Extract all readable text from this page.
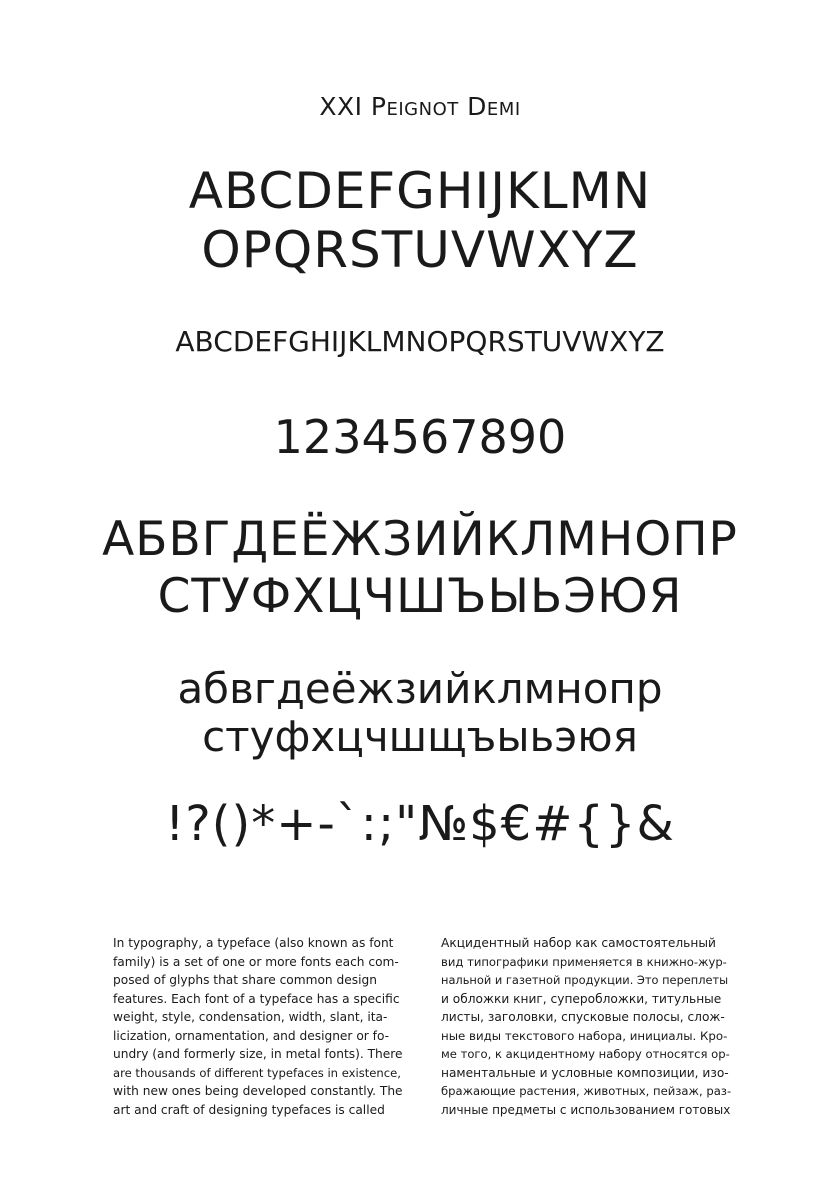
XXI Peignot Demi
ABCDEFGHIJKLMN
OPQRSTUVWXYZ
abcdefghijklmnopqrstuvwxyz
1234567890
АБВГДЕЁЖЗИЙКЛМНОПР
СТУФХЦЧШЪЫЬЭЮЯ
абвгдеёжзийклмнопр
стуфхцчшщъыьэюя
!?()*+-`:;"№$€#{}&
In typography, a typeface (also known as font
family) is a set of one or more fonts each com-
posed of glyphs that share common design
features. Each font of a typeface has a specific
weight, style, condensation, width, slant, ita-
licization, ornamentation, and designer or fo-
undry (and formerly size, in metal fonts). There
are thousands of different typefaces in existence,
with new ones being developed constantly. The
art and craft of designing typefaces is called
Акцидентный набор как самостоятельный
вид типографики применяется в книжно-жур-
нальной и газетной продукции. Это переплеты
и обложки книг, суперобложки, титульные
листы, заголовки, спусковые полосы, слож-
ные виды текстового набора, инициалы. Кро-
ме того, к акцидентному набору относятся ор-
наментальные и условные композиции, изо-
бражающие растения, животных, пейзаж, раз-
личные предметы с использованием готовых
